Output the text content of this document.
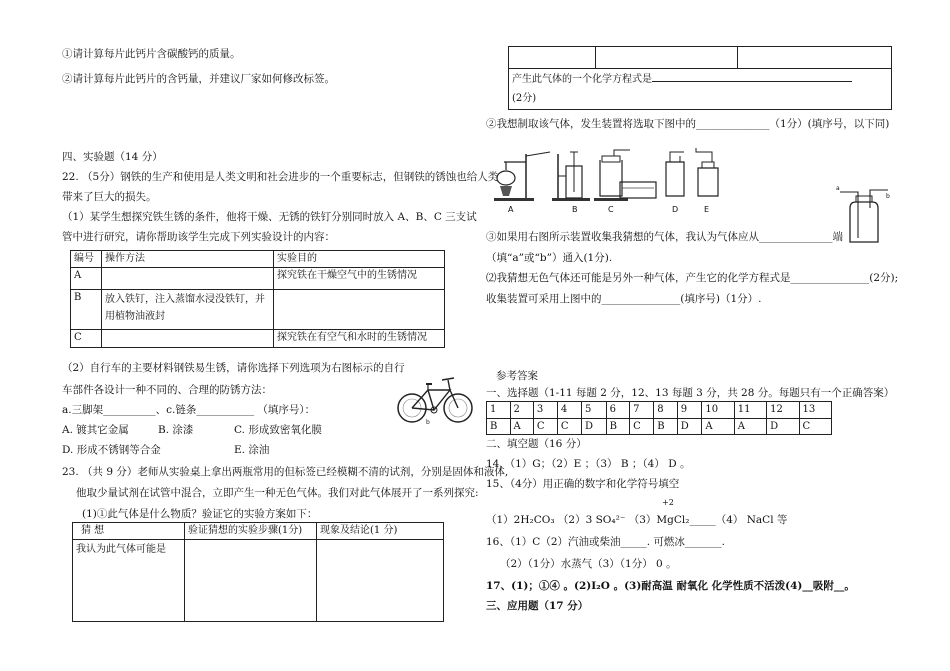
①请计算每片此钙片含碳酸钙的质量。
②请计算每片此钙片的含钙量，并建议厂家如何修改标签。
四、实验题（14 分）
22. （5分）钢铁的生产和使用是人类文明和社会进步的一个重要标志，但钢铁的锈蚀也给人类
带来了巨大的损失。
（1）某学生想探究铁生锈的条件，他将干燥、无锈的铁钉分别同时放入 A、B、C 三支试
管中进行研究，请你帮助该学生完成下列实验设计的内容：
编号	操作方法	实验目的
A		探究铁在干燥空气中的生锈情况
B	放入铁钉，注入蒸馏水浸没铁钉，并用植物油液封	
C		探究铁在有空气和水时的生锈情况
（2）自行车的主要材料钢铁易生锈，请你选择下列选项为右图标示的自行
车部件各设计一种不同的、合理的防锈方法：
a.三脚架__________、c.链条___________ （填序号）：
A. 镀其它金属	B. 涂漆	C. 形成致密氧化膜
D. 形成不锈钢等合金	E. 涂油
b
23. （共 9 分）老师从实验桌上拿出两瓶常用的但标签已经模糊不清的试剂，分别是固体和液体,
他取少量试剂在试管中混合，立即产生一种无色气体。我们对此气体展开了一系列探究:
(1)①此气体是什么物质？验证它的实验方案如下：
猜 想	验证猜想的实验步骤(1分)	现象及结论(1 分)
我认为此气体可能是		

产生此气体的一个化学方程式是
(2分)
②我想制取该气体，发生装置将选取下图中的______________（1分）(填序号，以下同)
A	B	C	D	E
a
b
③如果用右图所示装置收集我猜想的气体，我认为气体应从______________端
（填“a”或“b”）通入(1分).
⑵我猜想无色气体还可能是另外一种气体，产生它的化学方程式是_______________(2分);
收集装置可采用上图中的_______________(填序号)（1分）.
参考答案
一、选择题（1-11 每题 2 分，12、13 每题 3 分，共 28 分。每题只有一个正确答案）
1	2	3	4	5	6	7	8	9	10	11	12	13
B	A	C	C	D	B	C	B	D	A	A	D	C
二、填空题（16 分）
14、（1）G；（2）E ；（3） B ；（4） D 。
15、（4分）用正确的数字和化学符号填空
+2
（1）2H₂CO₃ （2）3 SO₄²⁻ （3）MgCl₂_____（4） NaCl 等
16、（1）C（2）汽油或柴油_____. 可燃冰_______.
（2）（1分）水蒸气（3）（1分） 0 。
17、(1)；①④ 。(2)I₂O 。(3)耐高温 耐氧化 化学性质不活泼(4)__吸附__。
三、应用题（17 分）
